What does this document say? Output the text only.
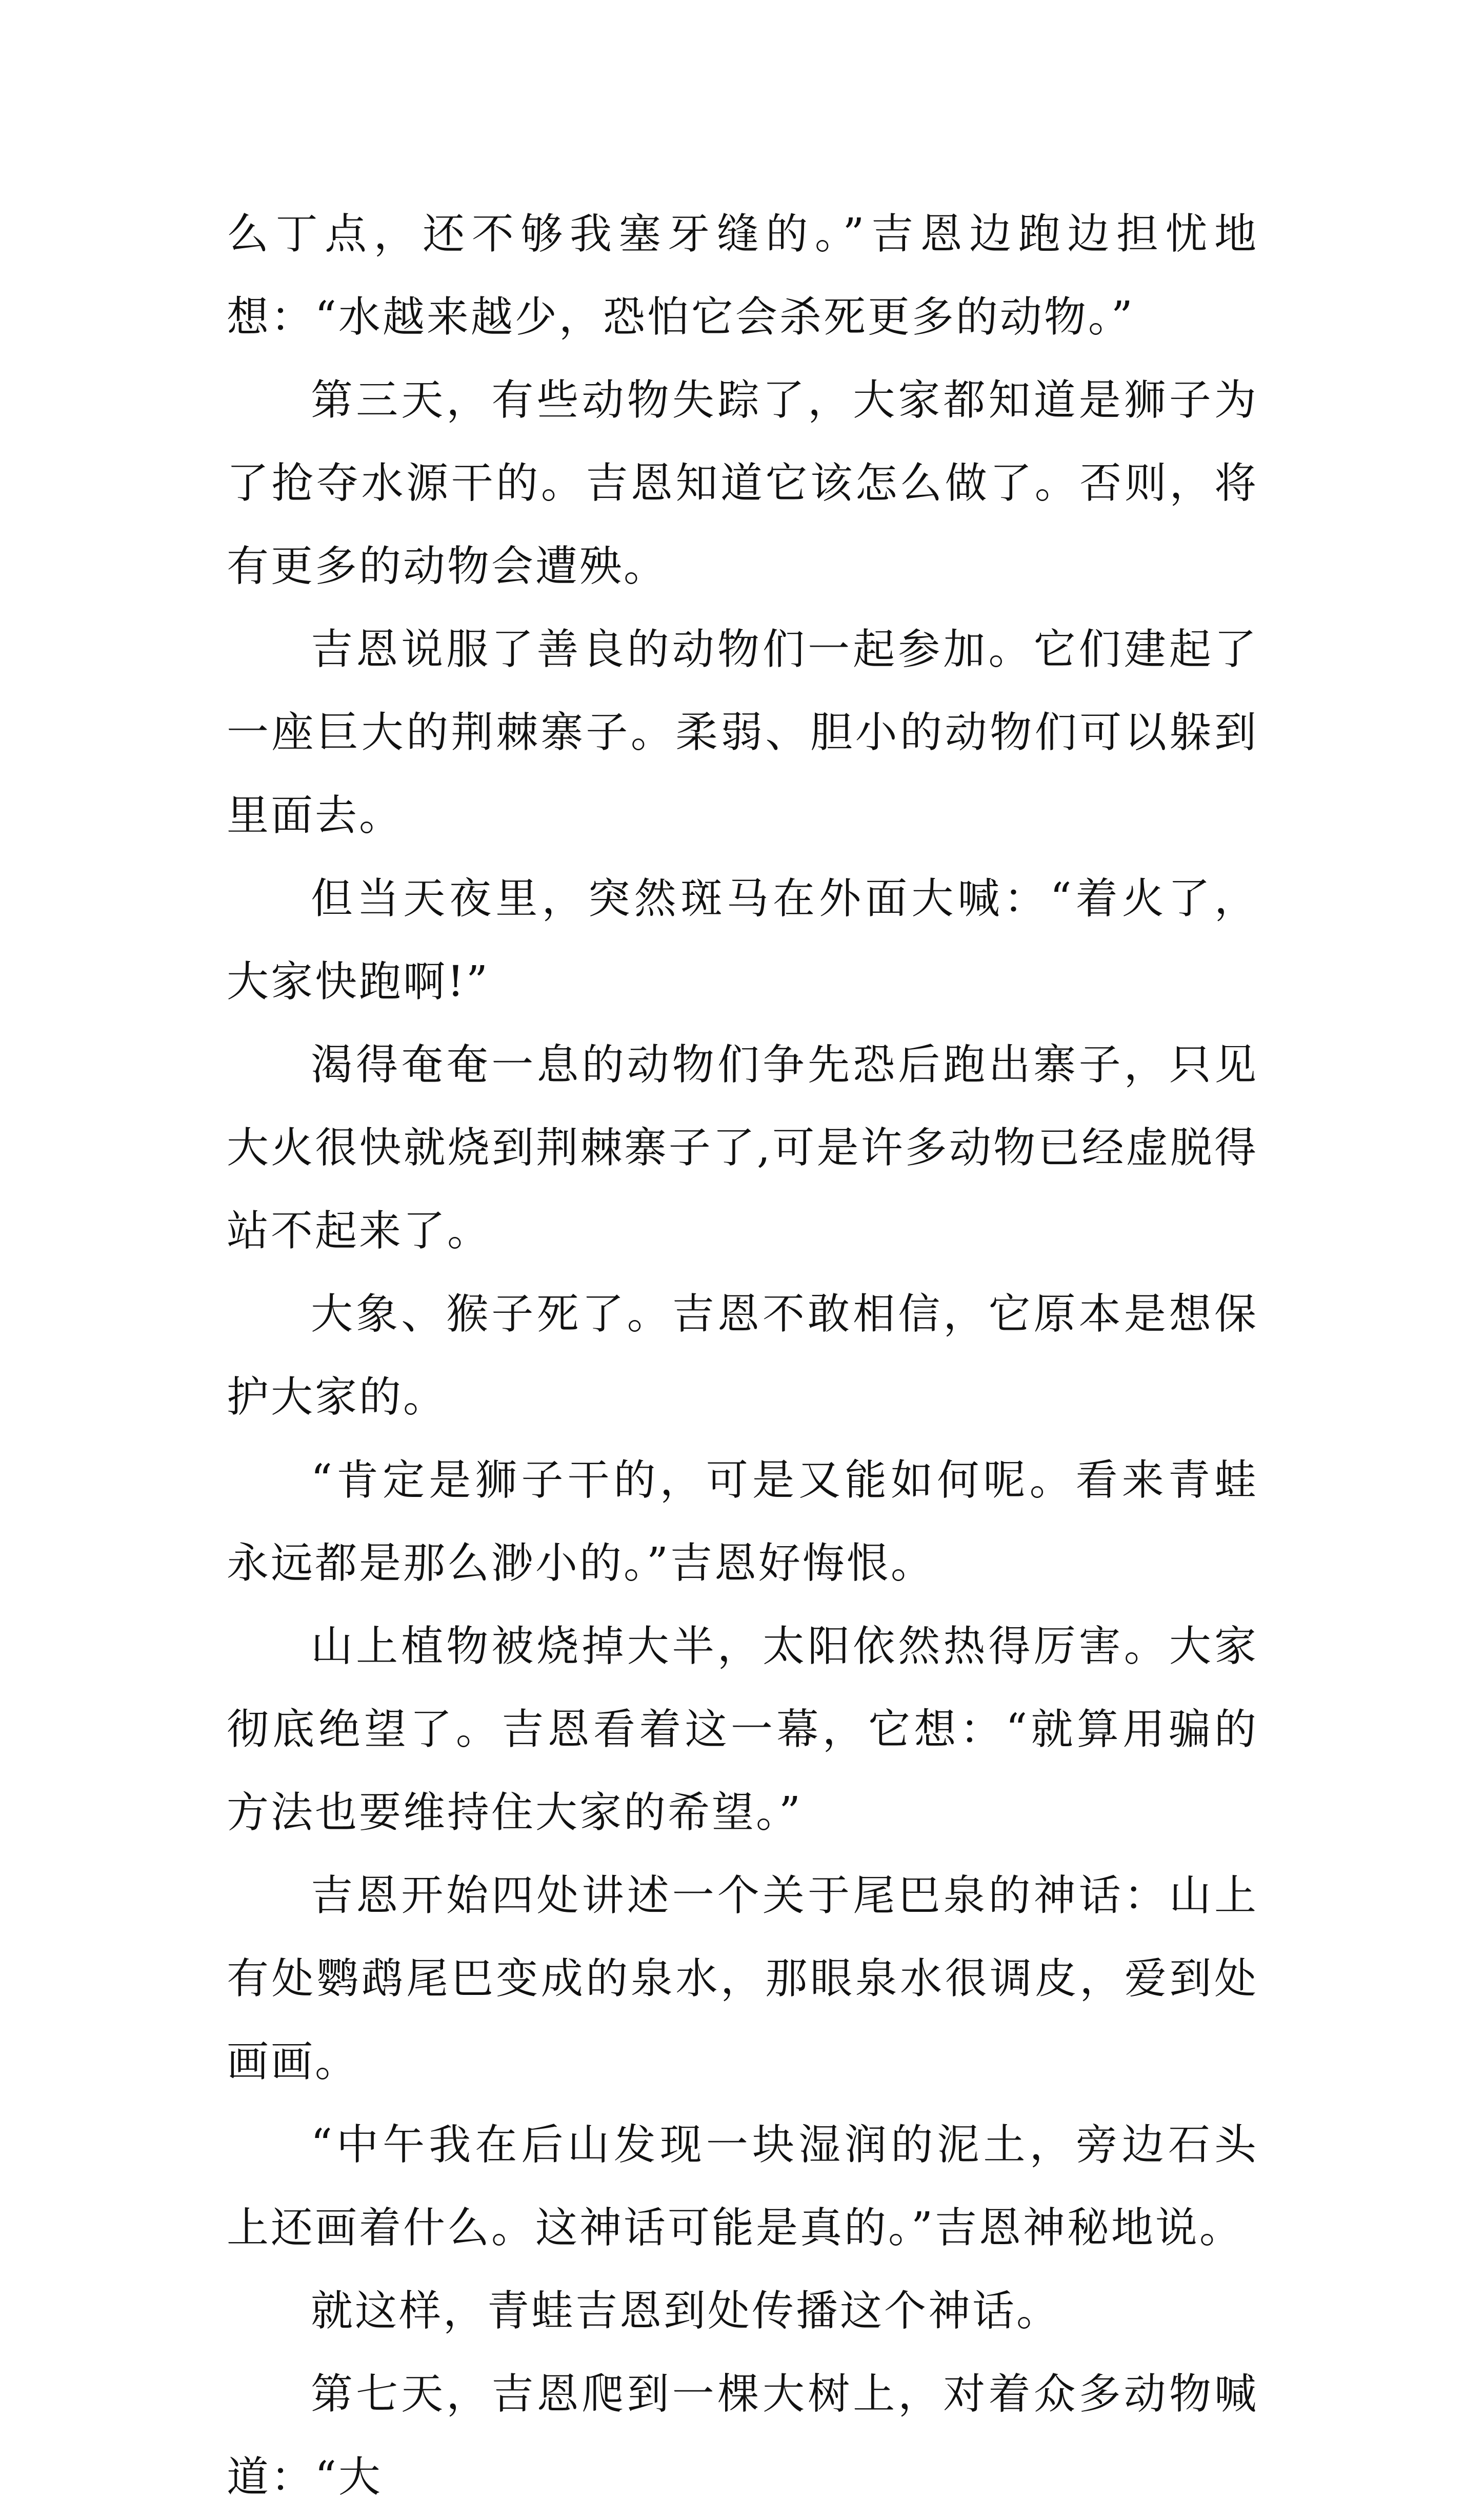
么丁点，还不够我塞牙缝的。”吉恩边跑边担忧地想：“水越来越少，恐怕它会杀死更多的动物。”

第三天，有些动物失踪了，大家都知道是狮子为了抢夺水源干的。吉恩知道它该怎么做了。否则，将有更多的动物会遭殃。

吉恩说服了善良的动物们一起参加。它们建起了一座巨大的荆棘寨子。柔弱、胆小的动物们可以躲到里面去。

但当天夜里，突然斑马在外面大喊：“着火了，大家快跑啊!”

渴得奄奄一息的动物们争先恐后跑出寨子，只见大火很快就烧到荆棘寨子了,可是许多动物已经虚脱得站不起来了。

大象、猴子死了。吉恩不敢相信，它原本是想保护大家的。

“肯定是狮子干的，可是又能如何呢。看来青蛙永远都是那么渺小的。”吉恩好悔恨。

山上植物被烧掉大半，太阳依然热得厉害。大家彻底绝望了。吉恩看着这一幕，它想：“就算用骗的方法也要维持住大家的希望。”

吉恩开始四处讲述一个关于尾巴泉的神话：山上有处鹦鹉尾巴变成的泉水，那眼泉水很调皮，爱到处画画。

“中午我在后山发现一块湿润的泥土，旁边石头上还画着什么。这神话可能是真的。”吉恩神秘地说。

就这样，青蛙吉恩到处传播这个神话。

第七天，吉恩爬到一棵大树上，对着众多动物喊道：“大
